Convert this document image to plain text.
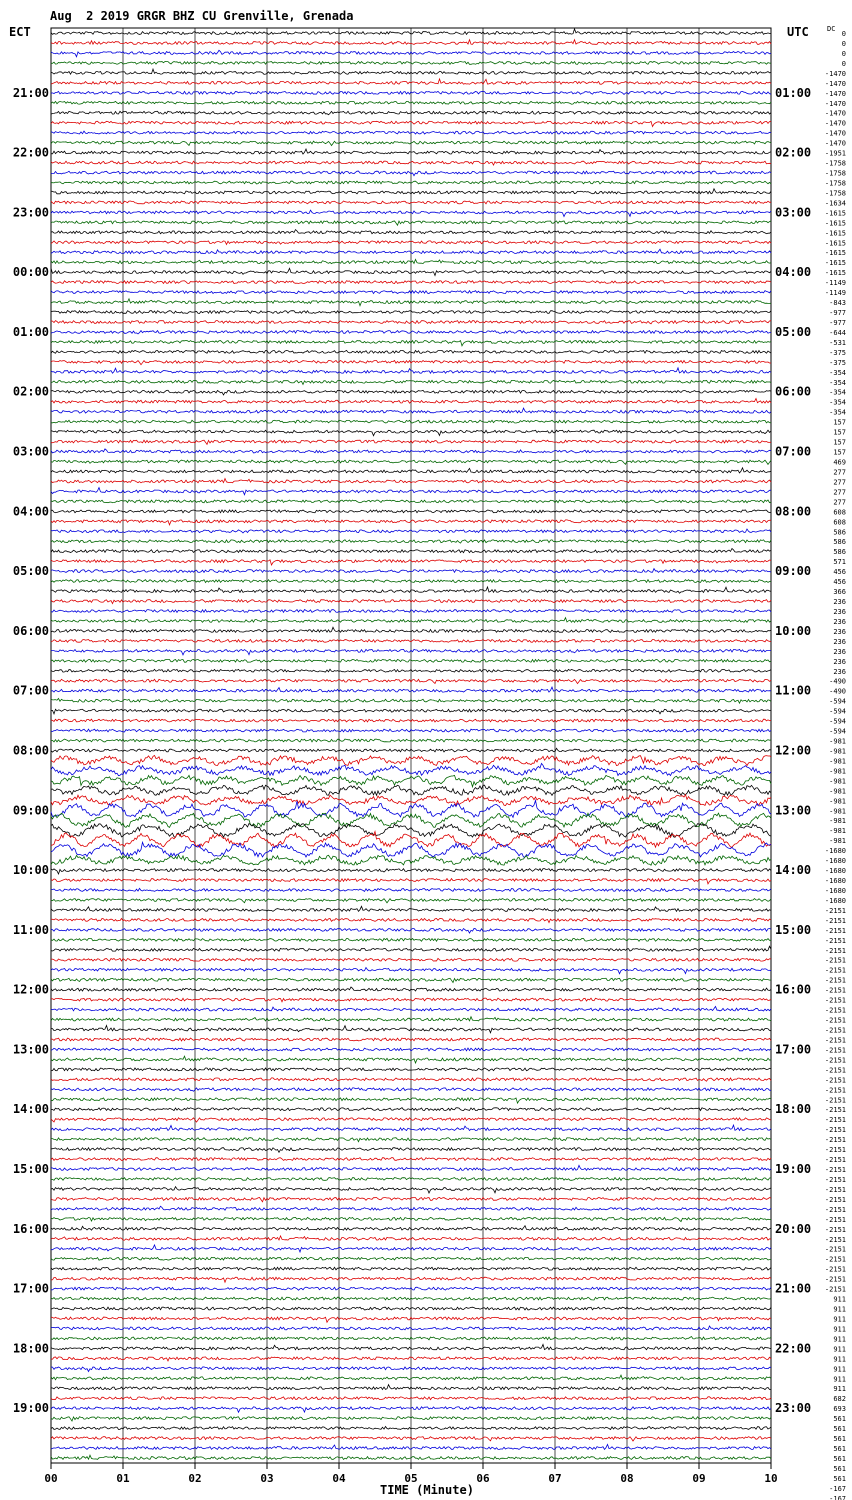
Aug  2 2019 GRGR BHZ CU Grenville, Grenada
ECT	UTC	DC
00	01	02	03	04	05	06	07	08	09	10
21:00
22:00
23:00
00:00
01:00
02:00
03:00
04:00
05:00
06:00
07:00
08:00
09:00
10:00
11:00
12:00
13:00
14:00
15:00
16:00
17:00
18:00
19:00
01:00
02:00
03:00
04:00
05:00
06:00
07:00
08:00
09:00
10:00
11:00
12:00
13:00
14:00
15:00
16:00
17:00
18:00
19:00
20:00
21:00
22:00
23:00
0
0
0
0
-1470
-1470
-1470
-1470
-1470
-1470
-1470
-1470
-1951
-1758
-1758
-1758
-1758
-1634
-1615
-1615
-1615
-1615
-1615
-1615
-1615
-1149
-1149
-843
-977
-977
-644
-531
-375
-375
-354
-354
-354
-354
-354
157
157
157
157
469
277
277
277
277
608
608
586
586
586
571
456
456
366
236
236
236
236
236
236
236
236
-490
-490
-594
-594
-594
-594
-981
-981
-981
-981
-981
-981
-981
-981
-981
-981
-981
-1680
-1680
-1680
-1680
-1680
-1680
-2151
-2151
-2151
-2151
-2151
-2151
-2151
-2151
-2151
-2151
-2151
-2151
-2151
-2151
-2151
-2151
-2151
-2151
-2151
-2151
-2151
-2151
-2151
-2151
-2151
-2151
-2151
-2151
-2151
-2151
-2151
-2151
-2151
-2151
-2151
-2151
-2151
-2151
-2151
911
911
911
911
911
911
911
911
911
911
682
693
561
561
561
561
561
561
561
-167
-167
TIME (Minute)
